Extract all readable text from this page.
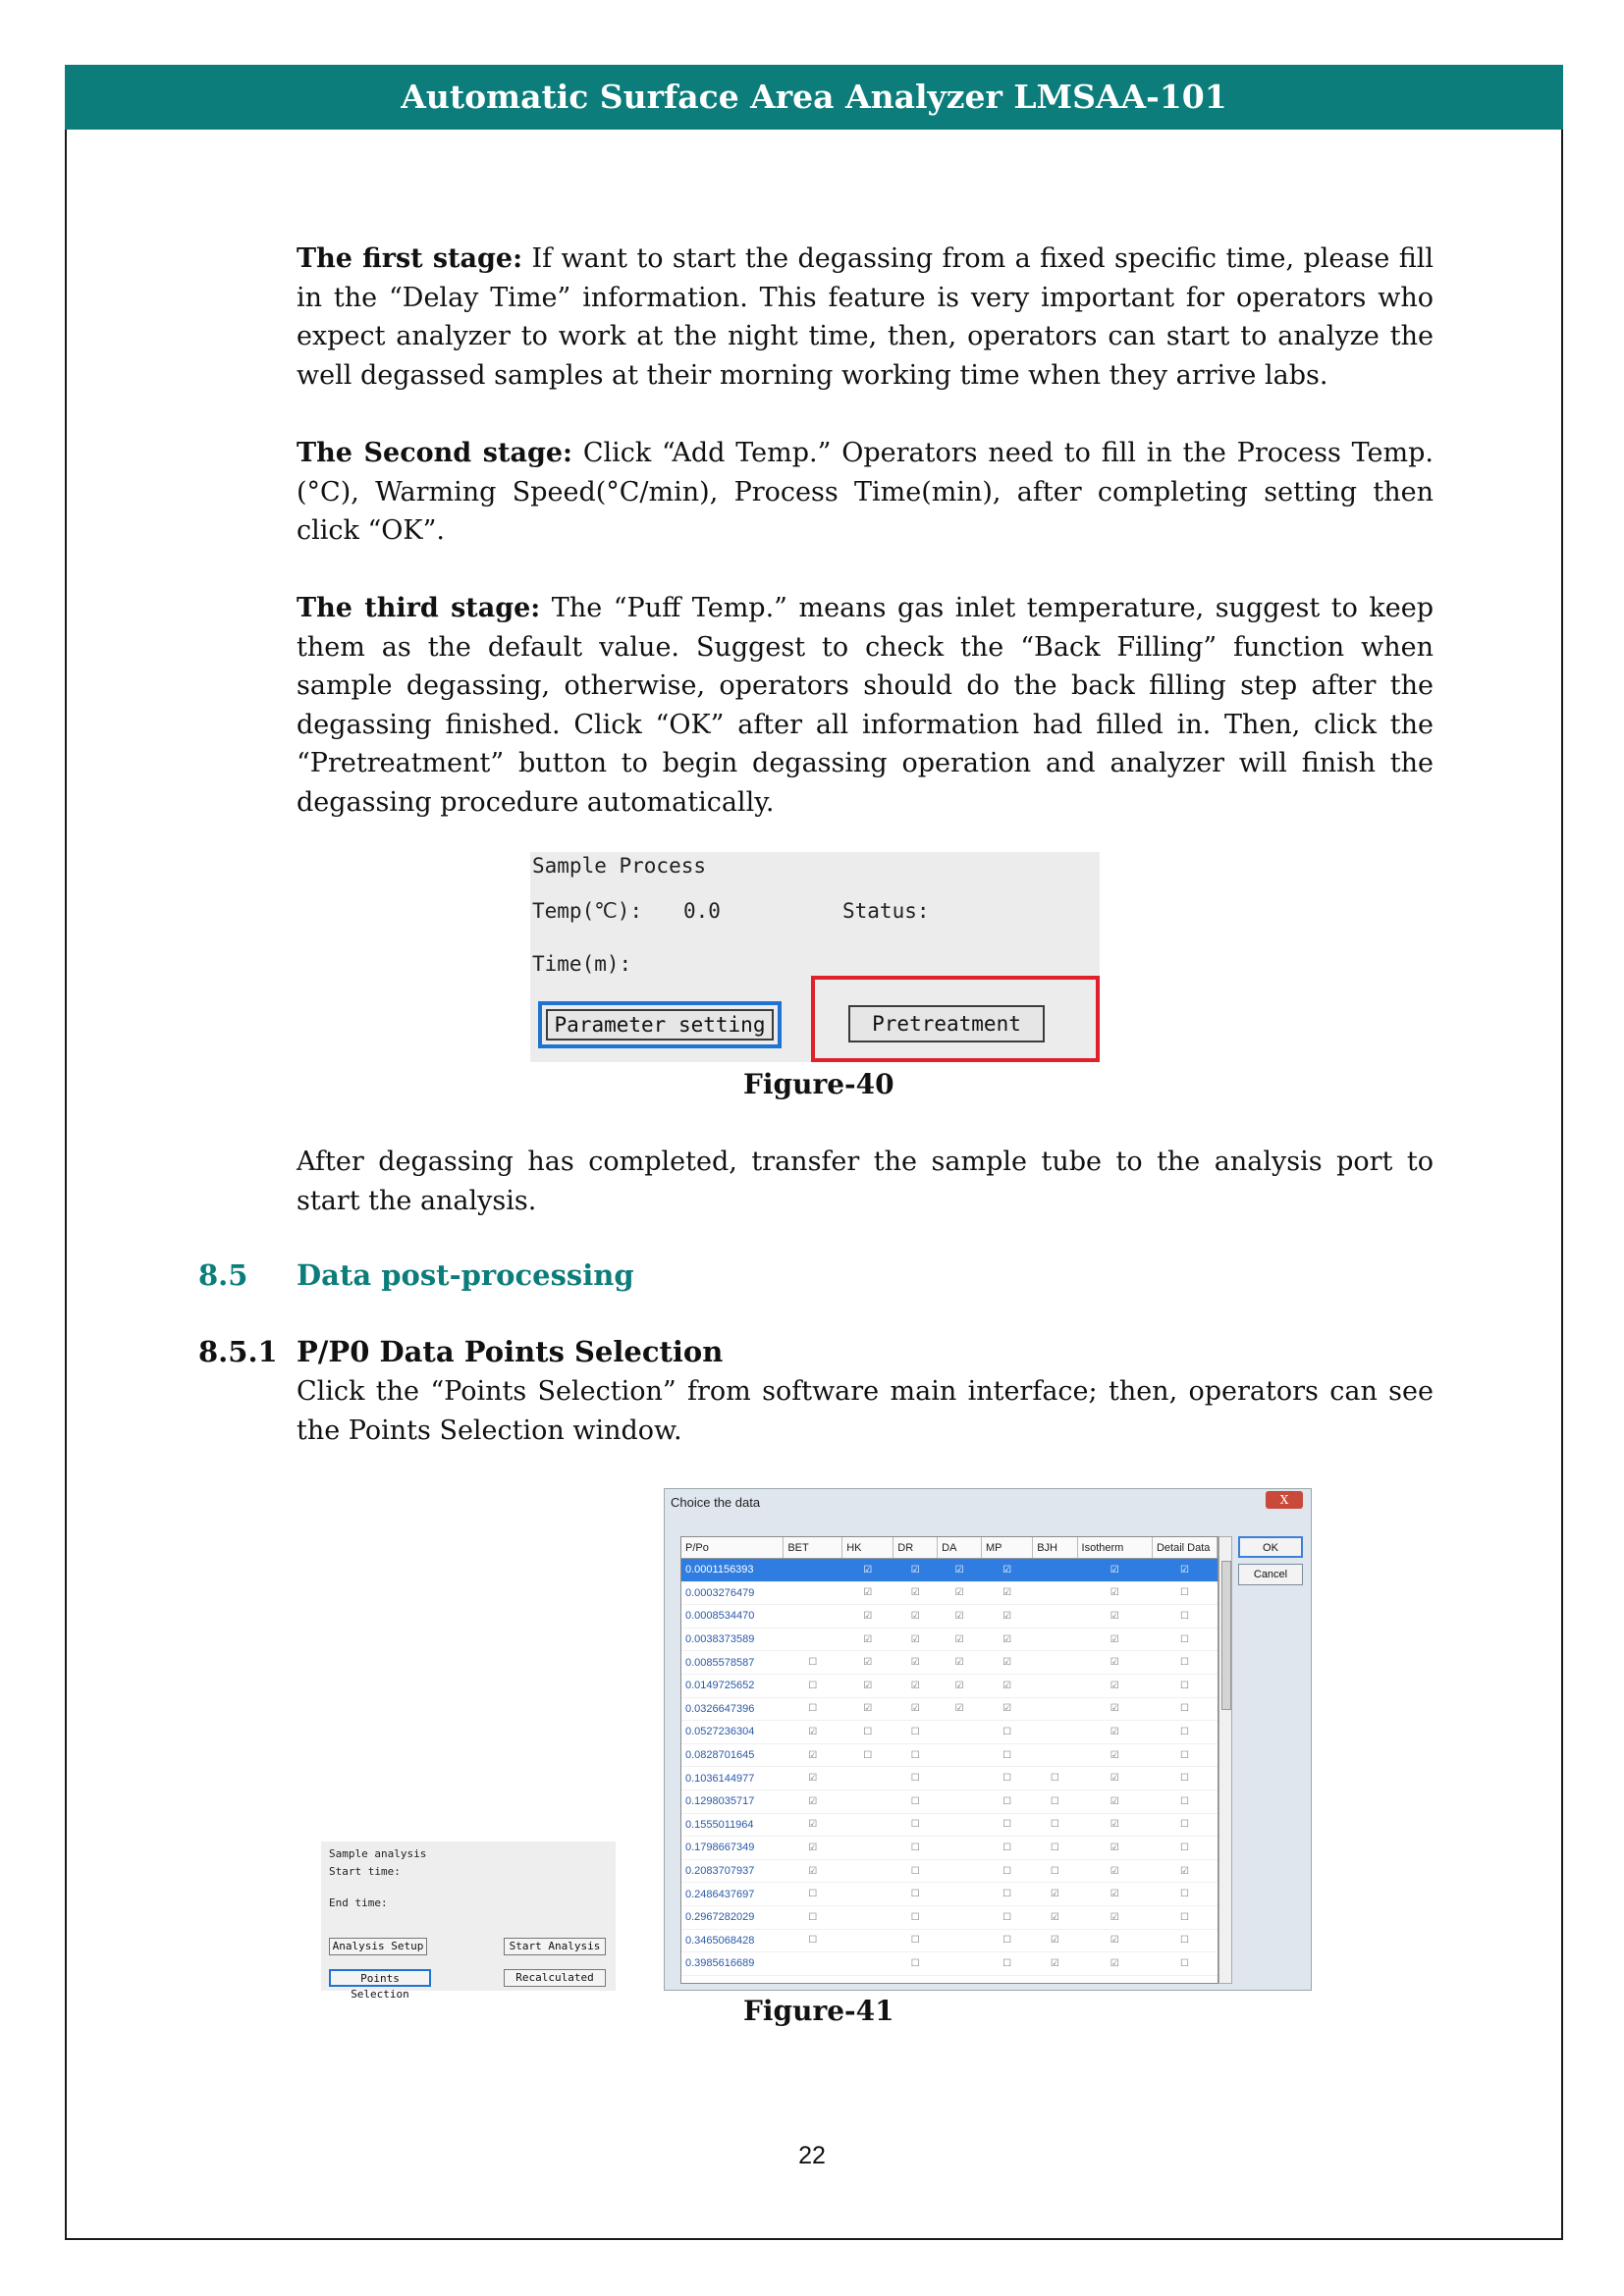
Automatic Surface Area Analyzer LMSAA-101
The first stage: If want to start the degassing from a fixed specific time, please fill in the “Delay Time” information. This feature is very important for operators who expect analyzer to work at the night time, then, operators can start to analyze the well degassed samples at their morning working time when they arrive labs.
The Second stage: Click “Add Temp.” Operators need to fill in the Process Temp. (°C), Warming Speed(°C/min), Process Time(min), after completing setting then click “OK”.
The third stage: The “Puff Temp.” means gas inlet temperature, suggest to keep them as the default value. Suggest to check the “Back Filling” function when sample degassing, otherwise, operators should do the back filling step after the degassing finished. Click “OK” after all information had filled in. Then, click the “Pretreatment” button to begin degassing operation and analyzer will finish the degassing procedure automatically.
Sample Process
Temp(℃): 0.0	Status:
Time(m):
Parameter setting	Pretreatment
Figure-40
After degassing has completed, transfer the sample tube to the analysis port to start the analysis.
8.5 Data post-processing
8.5.1 P/P0 Data Points Selection
Click the “Points Selection” from software main interface; then, operators can see the Points Selection window.
Sample analysis
Start time:
End time:
Analysis Setup	Start Analysis
Points Selection
Recalculated
Choice the data	X
P/Po	BET	HK	DR	DA	MP	BJH	Isotherm	Detail Data
0.0001156393		☑	☑	☑	☑		☑	☑
0.0003276479		☑	☑	☑	☑		☑	☐
0.0008534470		☑	☑	☑	☑		☑	☐
0.0038373589		☑	☑	☑	☑		☑	☐
0.0085578587	☐	☑	☑	☑	☑		☑	☐
0.0149725652	☐	☑	☑	☑	☑		☑	☐
0.0326647396	☐	☑	☑	☑	☑		☑	☐
0.0527236304	☑	☐	☐		☐		☑	☐
0.0828701645	☑	☐	☐		☐		☑	☐
0.1036144977	☑		☐		☐	☐	☑	☐
0.1298035717	☑		☐		☐	☐	☑	☐
0.1555011964	☑		☐		☐	☐	☑	☐
0.1798667349	☑		☐		☐	☐	☑	☐
0.2083707937	☑		☐		☐	☐	☑	☑
0.2486437697	☐		☐		☐	☑	☑	☐
0.2967282029	☐		☐		☐	☑	☑	☐
0.3465068428	☐		☐		☐	☑	☑	☐
0.3985616689			☐		☐	☑	☑	☐
OK
Cancel
Figure-41
22
